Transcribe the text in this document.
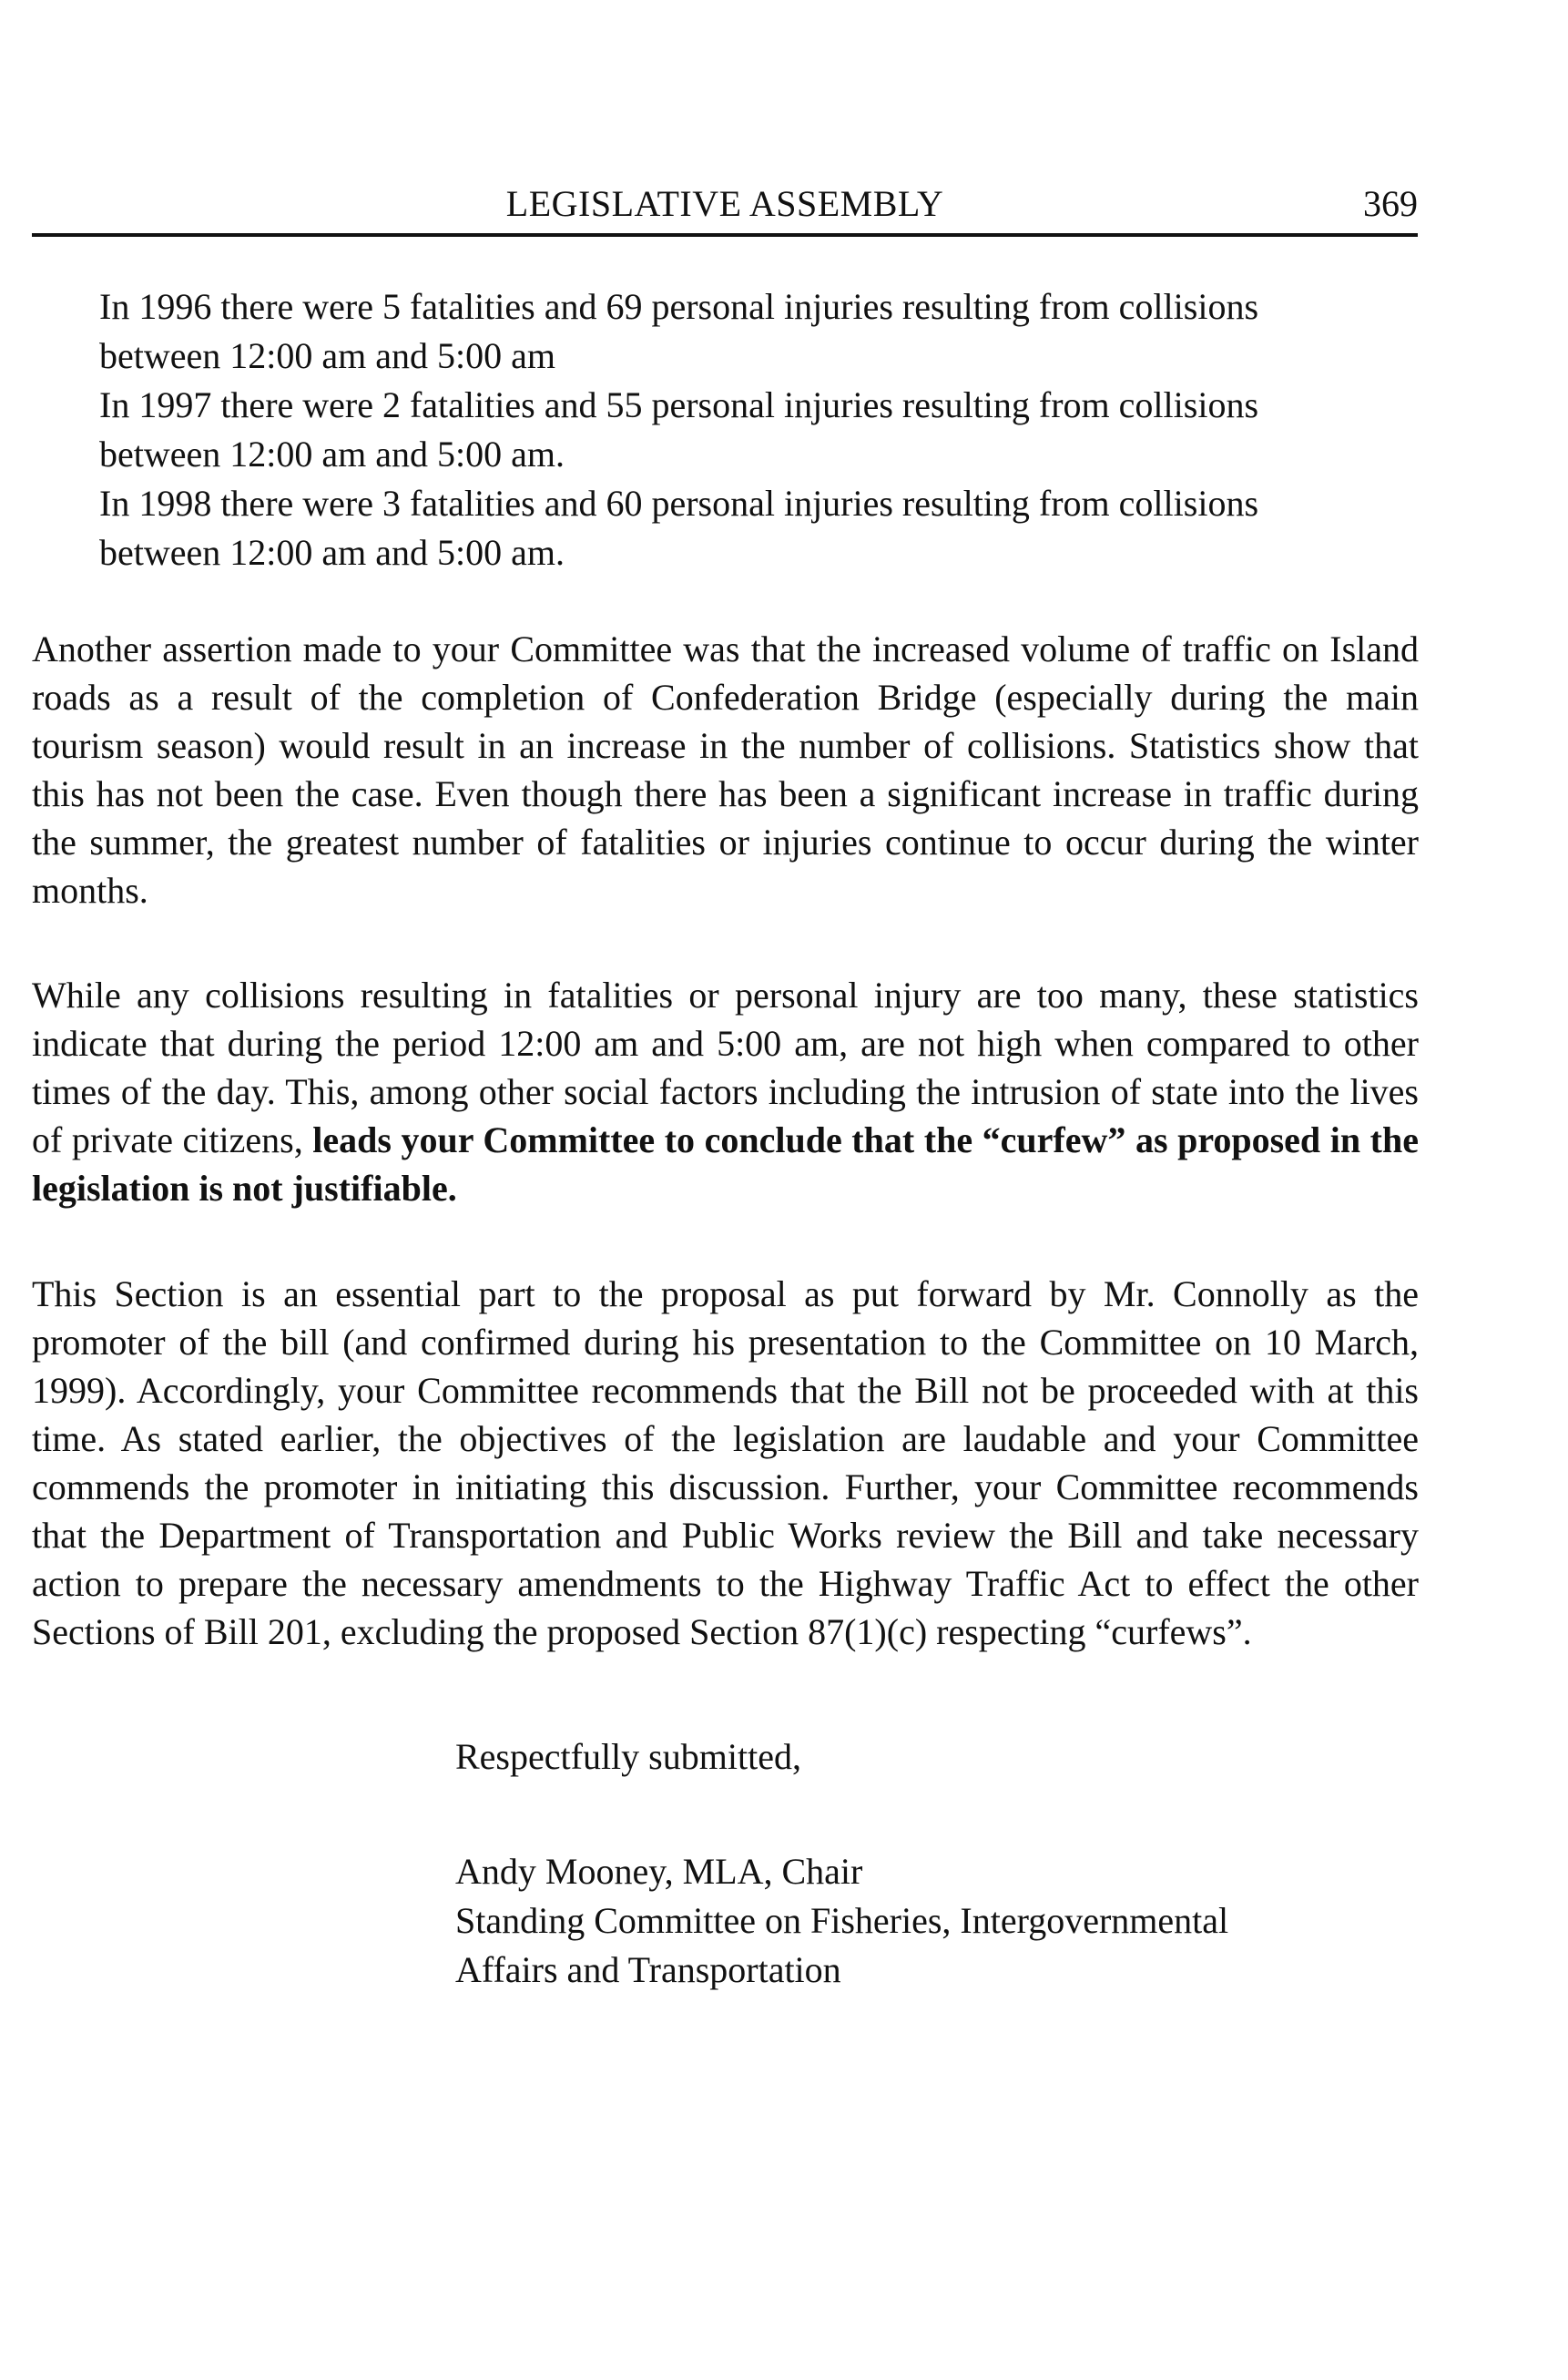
LEGISLATIVE ASSEMBLY	369

In 1996 there were 5 fatalities and 69 personal injuries resulting from collisions

between 12:00 am and 5:00 am

In 1997 there were 2 fatalities and 55 personal injuries resulting from collisions

between 12:00 am and 5:00 am.

In 1998 there were 3 fatalities and 60 personal injuries resulting from collisions

between 12:00 am and 5:00 am.

Another assertion made to your Committee was that the increased volume of traffic on Island roads as a result of the completion of Confederation Bridge (especially during the main tourism season) would result in an increase in the number of collisions. Statistics show that this has not been the case. Even though there has been a significant increase in traffic during the summer, the greatest number of fatalities or injuries continue to occur during the winter months.

While any collisions resulting in fatalities or personal injury are too many, these statistics indicate that during the period 12:00 am and 5:00 am, are not high when compared to other times of the day. This, among other social factors including the intrusion of state into the lives of private citizens, leads your Committee to conclude that the “curfew” as proposed in the legislation is not justifiable.

This Section is an essential part to the proposal as put forward by Mr. Connolly as the promoter of the bill (and confirmed during his presentation to the Committee on 10 March, 1999). Accordingly, your Committee recommends that the Bill not be proceeded with at this time. As stated earlier, the objectives of the legislation are laudable and your Committee commends the promoter in initiating this discussion. Further, your Committee recommends that the Department of Transportation and Public Works review the Bill and take necessary action to prepare the necessary amendments to the Highway Traffic Act to effect the other Sections of Bill 201, excluding the proposed Section 87(1)(c) respecting “curfews”.

Respectfully submitted,

Andy Mooney, MLA, Chair

Standing Committee on Fisheries, Intergovernmental

Affairs and Transportation
